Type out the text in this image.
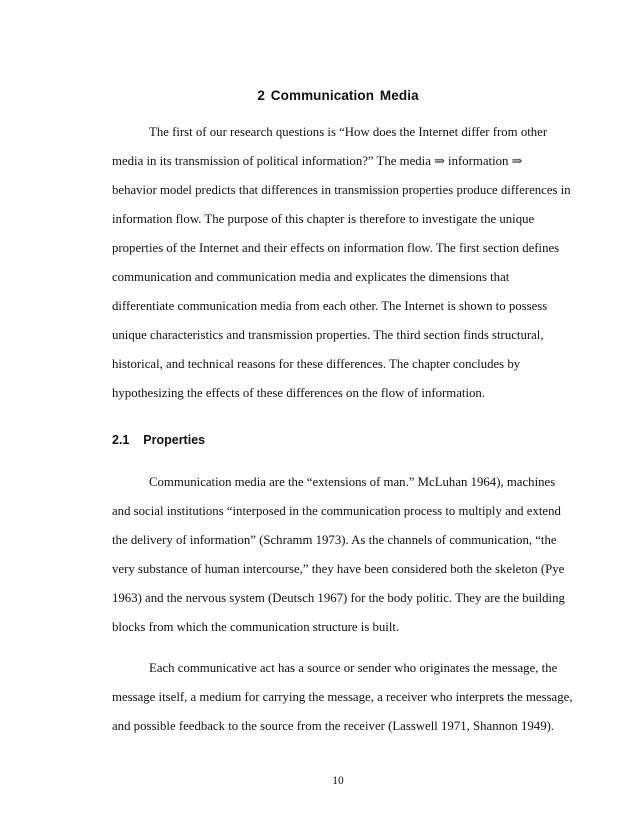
2 Communication Media
The first of our research questions is “How does the Internet differ from other
media in its transmission of political information?” The media ⇒ information ⇒
behavior model predicts that differences in transmission properties produce differences in
information flow. The purpose of this chapter is therefore to investigate the unique
properties of the Internet and their effects on information flow. The first section defines
communication and communication media and explicates the dimensions that
differentiate communication media from each other. The Internet is shown to possess
unique characteristics and transmission properties. The third section finds structural,
historical, and technical reasons for these differences. The chapter concludes by
hypothesizing the effects of these differences on the flow of information.
2.1    Properties
Communication media are the “extensions of man.” McLuhan 1964), machines
and social institutions “interposed in the communication process to multiply and extend
the delivery of information” (Schramm 1973). As the channels of communication, “the
very substance of human intercourse,” they have been considered both the skeleton (Pye
1963) and the nervous system (Deutsch 1967) for the body politic. They are the building
blocks from which the communication structure is built.
Each communicative act has a source or sender who originates the message, the
message itself, a medium for carrying the message, a receiver who interprets the message,
and possible feedback to the source from the receiver (Lasswell 1971, Shannon 1949).
10
